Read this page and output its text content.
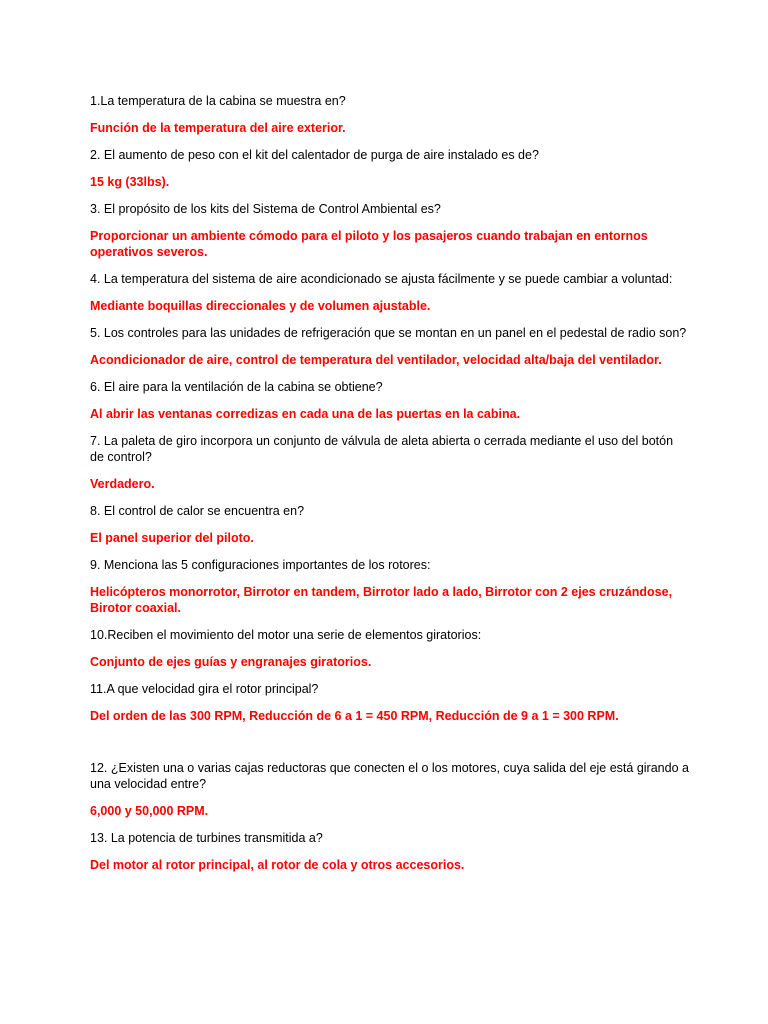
1.La temperatura de la cabina se muestra en?

Función de la temperatura del aire exterior.

2. El aumento de peso con el kit del calentador de purga de aire instalado es de?

15 kg (33lbs).

3. El propósito de los kits del Sistema de Control Ambiental es?

Proporcionar un ambiente cómodo para el piloto y los pasajeros cuando trabajan en entornos operativos severos.

4. La temperatura del sistema de aire acondicionado se ajusta fácilmente y se puede cambiar a voluntad:

Mediante boquillas direccionales y de volumen ajustable.

5. Los controles para las unidades de refrigeración que se montan en un panel en el pedestal de radio son?

Acondicionador de aire, control de temperatura del ventilador, velocidad alta/baja del ventilador.

6. El aire para la ventilación de la cabina se obtiene?

Al abrir las ventanas corredizas en cada una de las puertas en la cabina.

7. La paleta de giro incorpora un conjunto de válvula de aleta abierta o cerrada mediante el uso del botón de control?

Verdadero.

8. El control de calor se encuentra en?

El panel superior del piloto.

9. Menciona las 5 configuraciones importantes de los rotores:

Helicópteros monorrotor, Birrotor en tandem, Birrotor lado a lado, Birrotor con 2 ejes cruzándose, Birotor coaxial.

10.Reciben el movimiento del motor una serie de elementos giratorios:

Conjunto de ejes guías y engranajes giratorios.

11.A que velocidad gira el rotor principal?

Del orden de las 300 RPM, Reducción de 6 a 1 = 450 RPM, Reducción de 9 a 1 = 300 RPM.

12. ¿Existen una o varias cajas reductoras que conecten el o los motores, cuya salida del eje está girando a una velocidad entre?

6,000 y 50,000 RPM.

13. La potencia de turbines transmitida a?

Del motor al rotor principal, al rotor de cola y otros accesorios.
